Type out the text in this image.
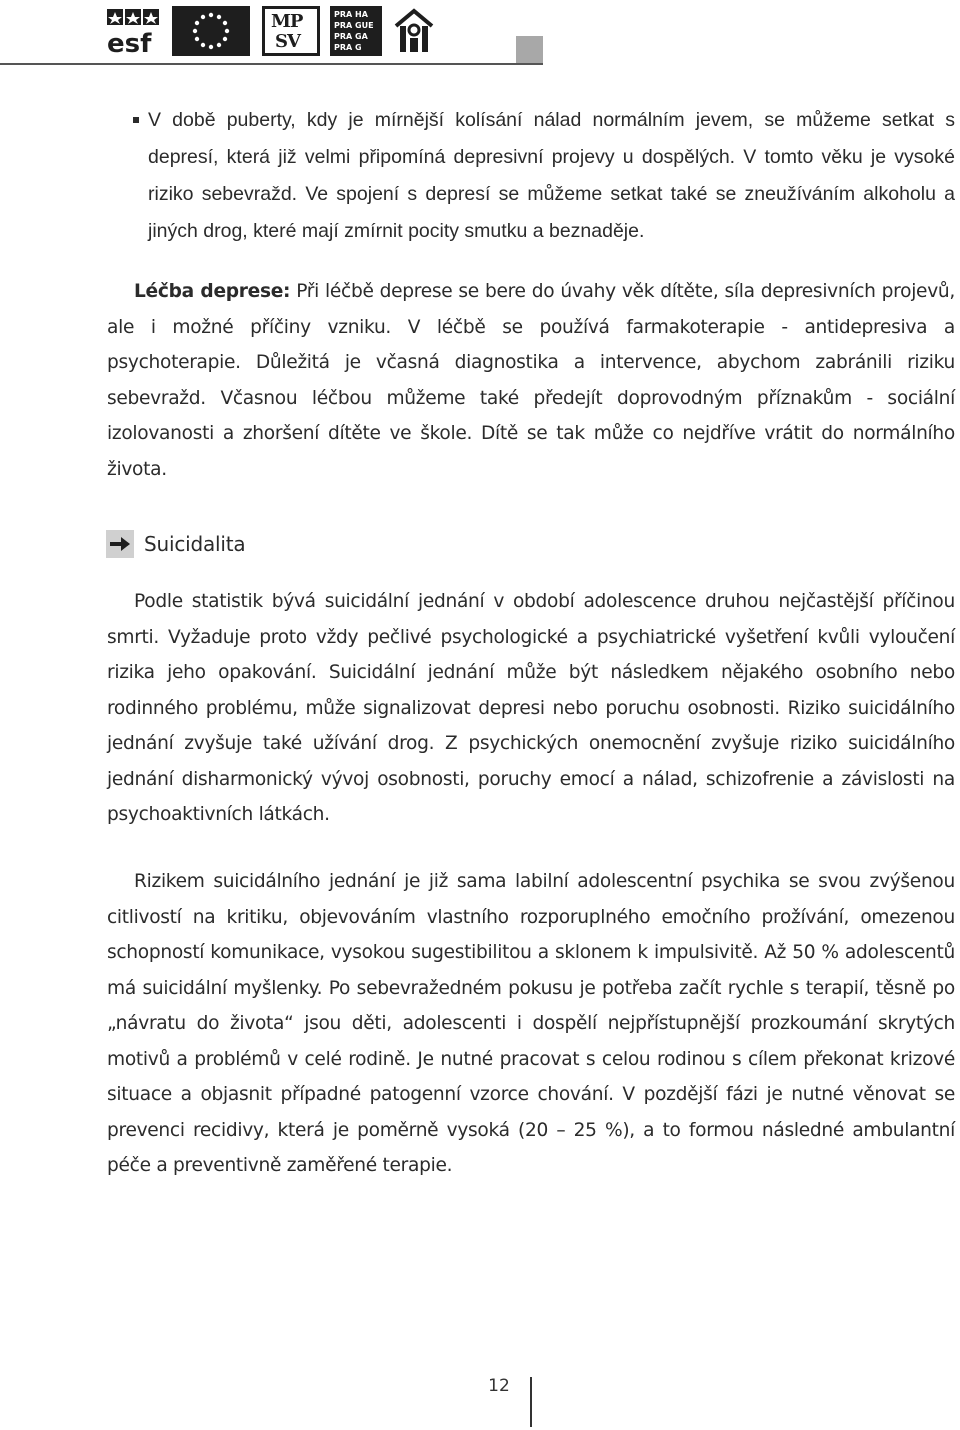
esf
MP
SV
PRA HA
PRA GUE
PRA GA
PRA G
V době puberty, kdy je mírnější kolísání nálad normálním jevem, se můžeme setkat s depresí, která již velmi připomíná depresivní projevy u dospělých. V tomto věku je vysoké riziko sebevražd. Ve spojení s depresí se můžeme setkat také se zneužíváním alkoholu a jiných drog, které mají zmírnit pocity smutku a beznaděje.
Léčba deprese: Při léčbě deprese se bere do úvahy věk dítěte, síla depresivních projevů, ale i možné příčiny vzniku. V léčbě se používá farmakoterapie - antidepresiva a psychoterapie. Důležitá je včasná diagnostika a intervence, abychom zabránili riziku sebevražd. Včasnou léčbou můžeme také předejít doprovodným příznakům - sociální izolovanosti a zhoršení dítěte ve škole. Dítě se tak může co nejdříve vrátit do normálního života.
Suicidalita
Podle statistik bývá suicidální jednání v období adolescence druhou nejčastější příčinou smrti. Vyžaduje proto vždy pečlivé psychologické a psychiatrické vyšetření kvůli vyloučení rizika jeho opakování. Suicidální jednání může být následkem nějakého osobního nebo rodinného problému, může signalizovat depresi nebo poruchu osobnosti. Riziko suicidálního jednání zvyšuje také užívání drog. Z psychických onemocnění zvyšuje riziko suicidálního jednání disharmonický vývoj osobnosti, poruchy emocí a nálad, schizofrenie a závislosti na psychoaktivních látkách.
Rizikem suicidálního jednání je již sama labilní adolescentní psychika se svou zvýšenou citlivostí na kritiku, objevováním vlastního rozporuplného emočního prožívání, omezenou schopností komunikace, vysokou sugestibilitou a sklonem k impulsivitě. Až 50 % adolescentů má suicidální myšlenky. Po sebevražedném pokusu je potřeba začít rychle s terapií, těsně po „návratu do života“ jsou děti, adolescenti i dospělí nejpřístupnější prozkoumání skrytých motivů a problémů v celé rodině. Je nutné pracovat s celou rodinou s cílem překonat krizové situace a objasnit případné patogenní vzorce chování. V pozdější fázi je nutné věnovat se prevenci recidivy, která je poměrně vysoká (20 – 25 %), a to formou následné ambulantní péče a preventivně zaměřené terapie.
12
